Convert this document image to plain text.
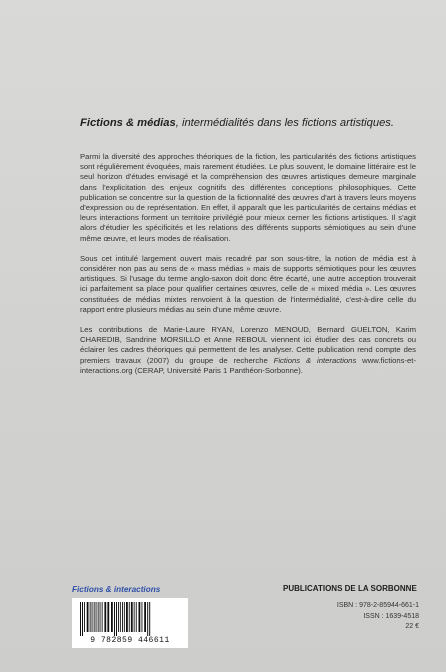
Fictions & médias, intermédialités dans les fictions artistiques.

Parmi la diversité des approches théoriques de la fiction, les particularités des fictions artistiques sont régulièrement évoquées, mais rarement étudiées. Le plus souvent, le domaine littéraire est le seul horizon d'études envisagé et la compréhension des œuvres artistiques demeure marginale dans l'explicitation des enjeux cognitifs des différentes conceptions philosophiques. Cette publication se concentre sur la question de la fictionnalité des œuvres d'art à travers leurs moyens d'expression ou de représentation. En effet, il apparaît que les particularités de certains médias et leurs interactions forment un territoire privilégié pour mieux cerner les fictions artistiques. Il s'agit alors d'étudier les spécificités et les relations des différents supports sémiotiques au sein d'une même œuvre, et leurs modes de réalisation.

Sous cet intitulé largement ouvert mais recadré par son sous-titre, la notion de média est à considérer non pas au sens de « mass médias » mais de supports sémiotiques pour les œuvres artistiques. Si l'usage du terme anglo-saxon doit donc être écarté, une autre acception trouverait ici parfaitement sa place pour qualifier certaines œuvres, celle de « mixed média ». Les œuvres constituées de médias mixtes renvoient à la question de l'intermédialité, c'est-à-dire celle du rapport entre plusieurs médias au sein d'une même œuvre.

Les contributions de Marie-Laure RYAN, Lorenzo MENOUD, Bernard GUELTON, Karim CHAREDIB, Sandrine MORSILLO et Anne REBOUL viennent ici étudier des cas concrets ou éclairer les cadres théoriques qui permettent de les analyser. Cette publication rend compte des premiers travaux (2007) du groupe de recherche Fictions & interactions www.fictions-et-interactions.org (CERAP, Université Paris 1 Panthéon-Sorbonne).

Fictions & interactions	PUBLICATIONS DE LA SORBONNE
ISBN : 978-2-85944-661-1
ISSN : 1639-4518
22 €
9 782859 446611
